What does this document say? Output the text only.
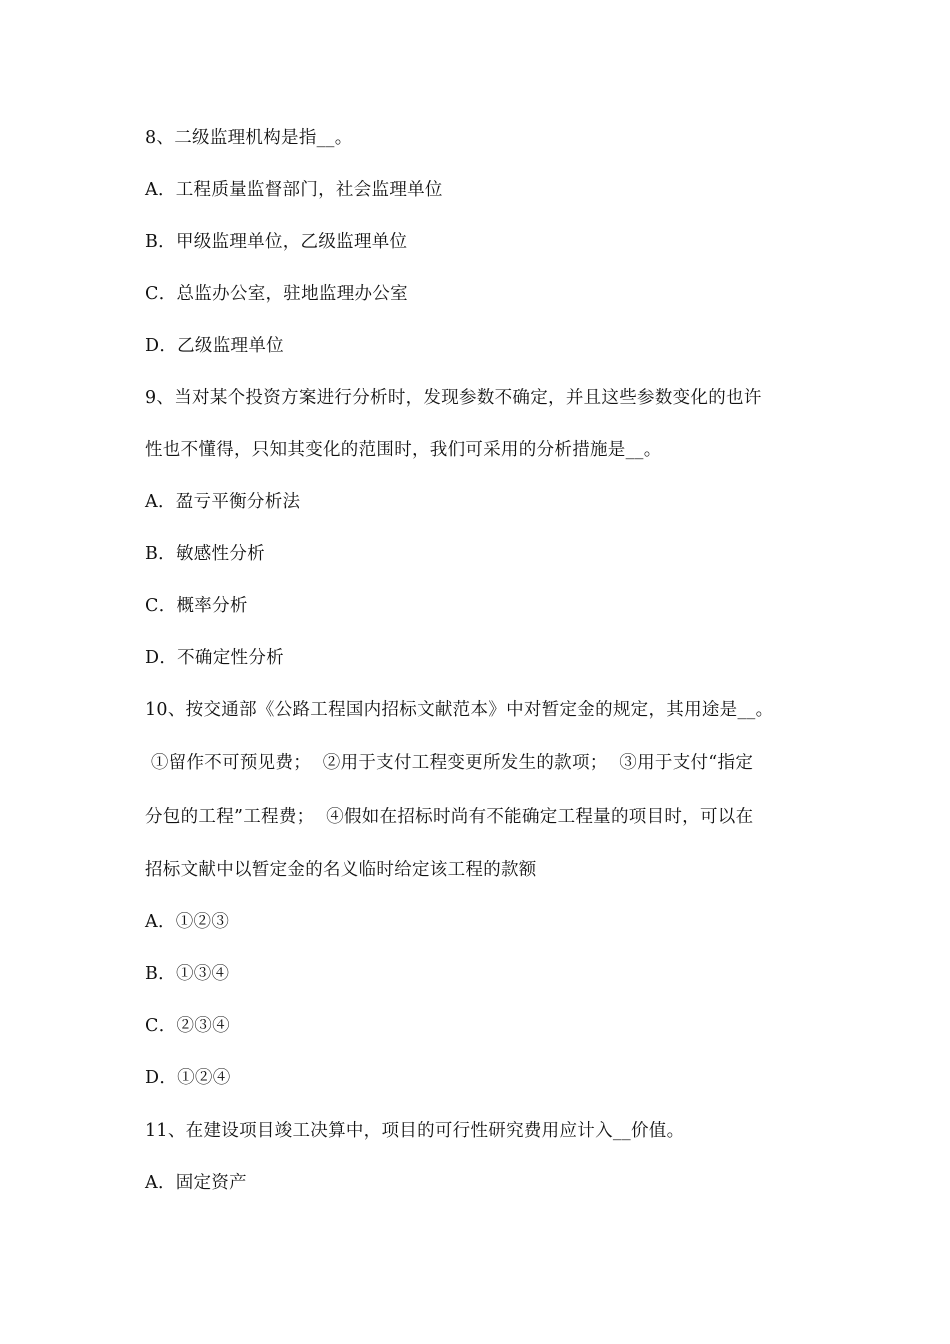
8、二级监理机构是指__。
A．工程质量监督部门，社会监理单位
B．甲级监理单位，乙级监理单位
C．总监办公室，驻地监理办公室
D．乙级监理单位
9、当对某个投资方案进行分析时，发现参数不确定，并且这些参数变化的也许
性也不懂得，只知其变化的范围时，我们可采用的分析措施是__。
A．盈亏平衡分析法
B．敏感性分析
C．概率分析
D．不确定性分析
10、按交通部《公路工程国内招标文献范本》中对暂定金的规定，其用途是__。
①留作不可预见费；  ②用于支付工程变更所发生的款项；  ③用于支付“指定
分包的工程”工程费；  ④假如在招标时尚有不能确定工程量的项目时，可以在
招标文献中以暂定金的名义临时给定该工程的款额
A．①②③
B．①③④
C．②③④
D．①②④
11、在建设项目竣工决算中，项目的可行性研究费用应计入__价值。
A．固定资产
